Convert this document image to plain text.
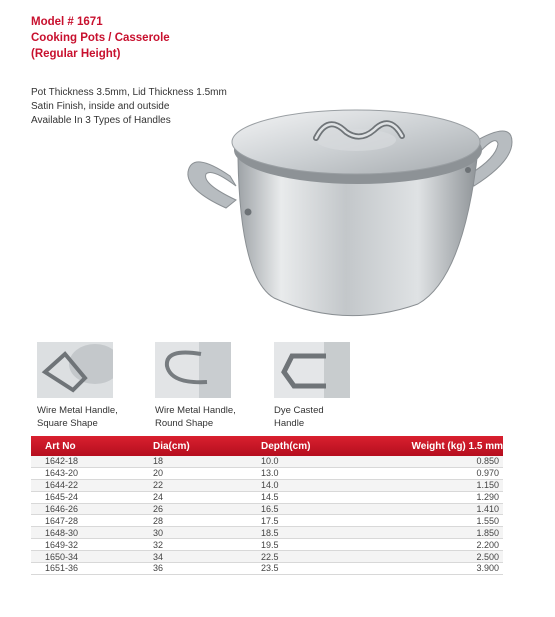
Model # 1671
Cooking Pots / Casserole
(Regular Height)
Pot Thickness 3.5mm, Lid Thickness 1.5mm
Satin Finish, inside and outside
Available In 3 Types of Handles
Wire Metal Handle,
Square Shape
Wire Metal Handle,
Round Shape
Dye Casted
Handle
Art No	Dia(cm)	Depth(cm)	Weight (kg) 1.5 mm
1642-18	18	10.0	0.850
1643-20	20	13.0	0.970
1644-22	22	14.0	1.150
1645-24	24	14.5	1.290
1646-26	26	16.5	1.410
1647-28	28	17.5	1.550
1648-30	30	18.5	1.850
1649-32	32	19.5	2.200
1650-34	34	22.5	2.500
1651-36	36	23.5	3.900
